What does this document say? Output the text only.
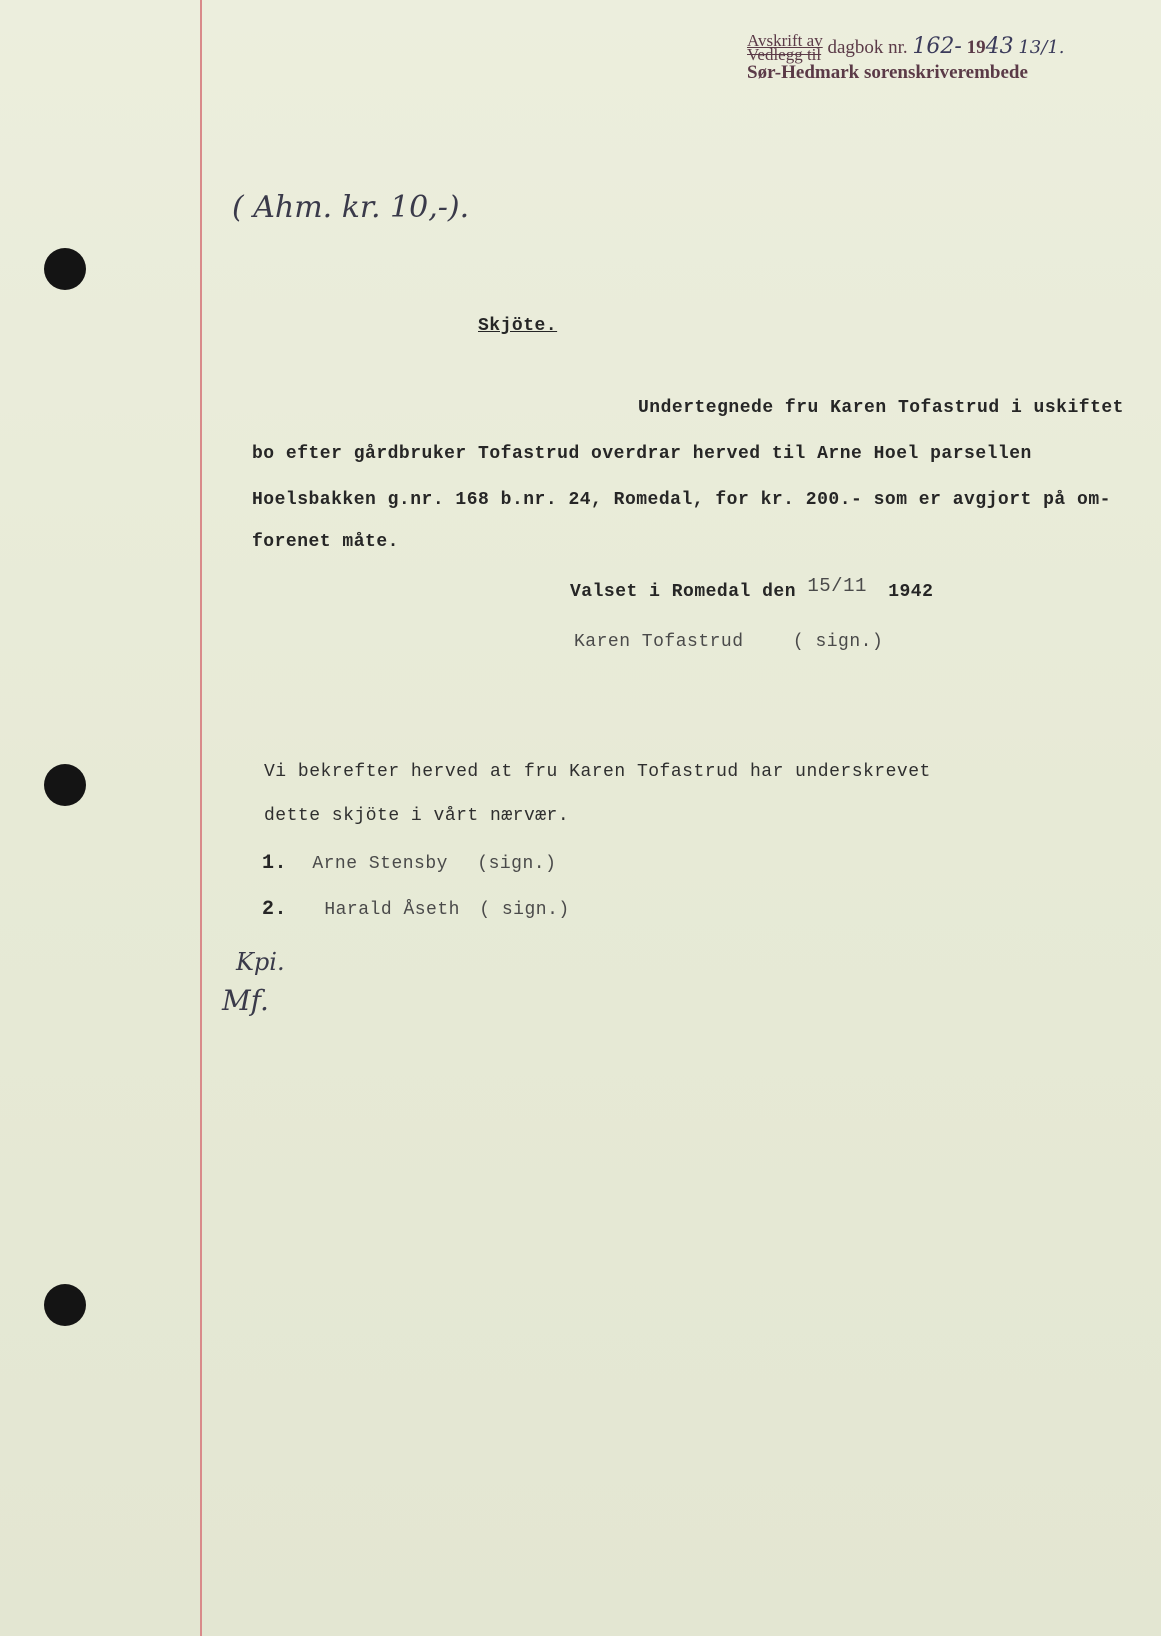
Avskrift av
Vedlegg til dagbok nr. 162- 1943 13/1.
Sør-Hedmark sorenskriverembede
( Ahm. kr. 10,-).
Skjöte.
Undertegnede fru Karen Tofastrud i uskiftet
bo efter gårdbruker Tofastrud overdrar herved til Arne Hoel parsellen
Hoelsbakken g.nr. 168 b.nr. 24, Romedal, for kr. 200.- som er avgjort på om-
forenet måte.
Valset i Romedal den 15/11 1942
Karen Tofastrud	( sign.)
Vi bekrefter herved at fru Karen Tofastrud har underskrevet
dette skjöte i vårt nærvær.
1. Arne Stensby (sign.)
2. Harald Åseth ( sign.)
Kpi.
Mf.
